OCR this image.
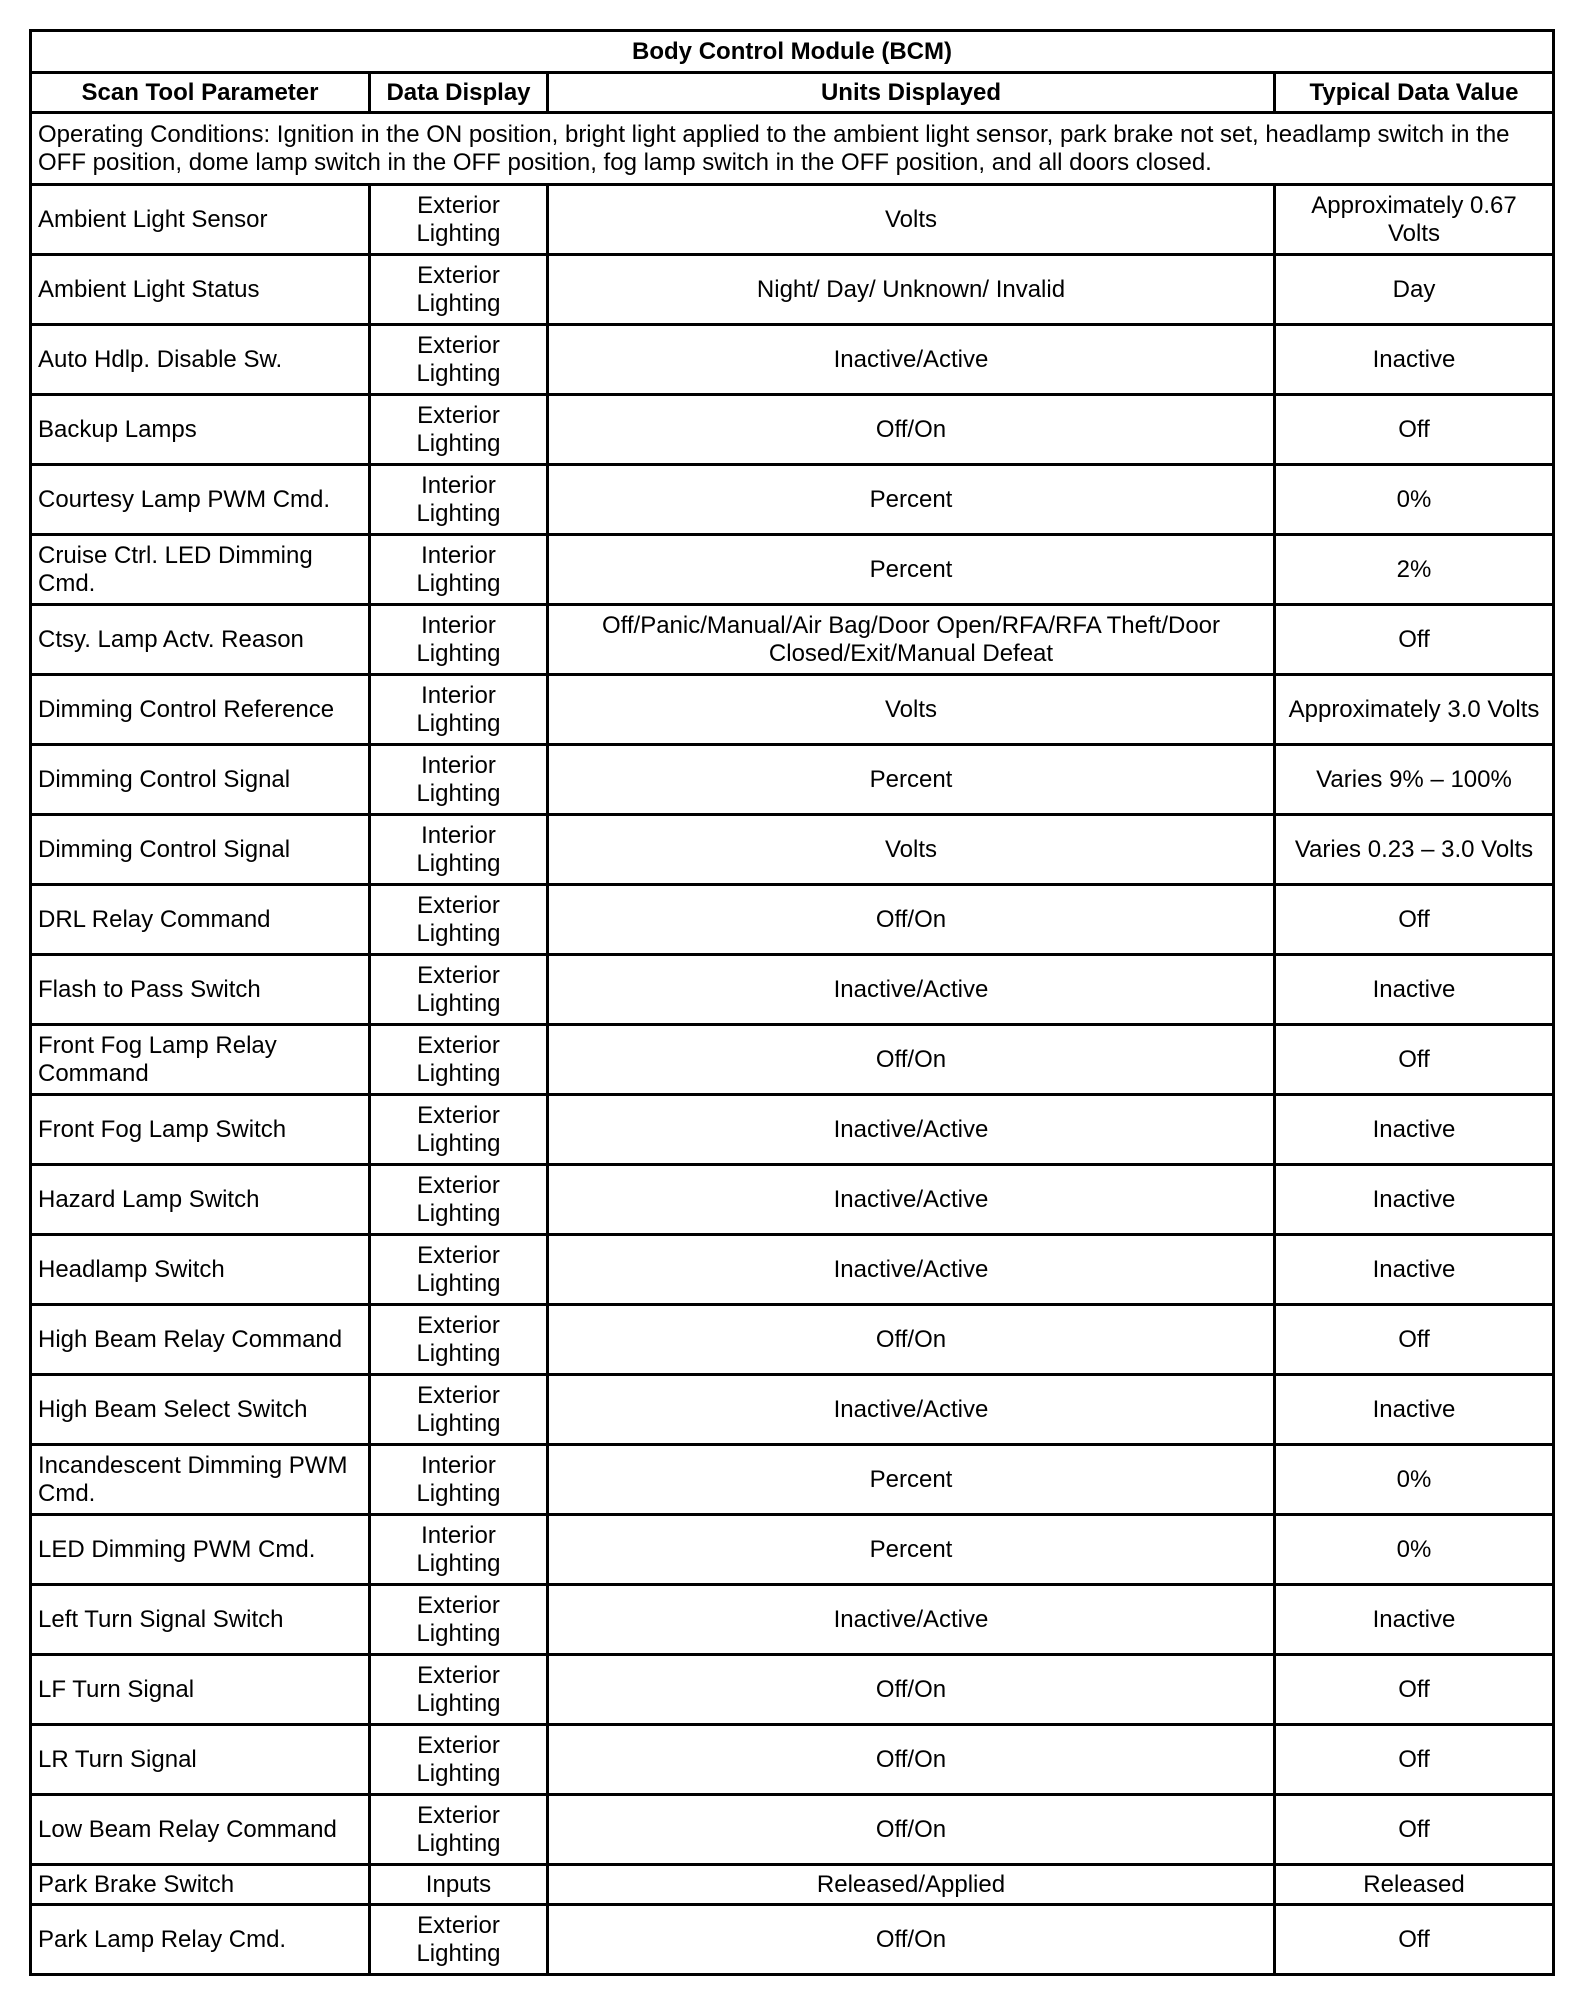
Body Control Module (BCM)			
Scan Tool Parameter	Data Display	Units Displayed	Typical Data Value
Operating Conditions: Ignition in the ON position, bright light applied to the ambient light sensor, park brake not set, headlamp switch in the OFF position, dome lamp switch in the OFF position, fog lamp switch in the OFF position, and all doors closed.			
Ambient Light Sensor	Exterior Lighting	Volts	Approximately 0.67 Volts
Ambient Light Status	Exterior Lighting	Night/ Day/ Unknown/ Invalid	Day
Auto Hdlp. Disable Sw.	Exterior Lighting	Inactive/Active	Inactive
Backup Lamps	Exterior Lighting	Off/On	Off
Courtesy Lamp PWM Cmd.	Interior Lighting	Percent	0%
Cruise Ctrl. LED Dimming Cmd.	Interior Lighting	Percent	2%
Ctsy. Lamp Actv. Reason	Interior Lighting	Off/Panic/Manual/Air Bag/Door Open/RFA/RFA Theft/Door Closed/Exit/Manual Defeat	Off
Dimming Control Reference	Interior Lighting	Volts	Approximately 3.0 Volts
Dimming Control Signal	Interior Lighting	Percent	Varies 9% – 100%
Dimming Control Signal	Interior Lighting	Volts	Varies 0.23 – 3.0 Volts
DRL Relay Command	Exterior Lighting	Off/On	Off
Flash to Pass Switch	Exterior Lighting	Inactive/Active	Inactive
Front Fog Lamp Relay Command	Exterior Lighting	Off/On	Off
Front Fog Lamp Switch	Exterior Lighting	Inactive/Active	Inactive
Hazard Lamp Switch	Exterior Lighting	Inactive/Active	Inactive
Headlamp Switch	Exterior Lighting	Inactive/Active	Inactive
High Beam Relay Command	Exterior Lighting	Off/On	Off
High Beam Select Switch	Exterior Lighting	Inactive/Active	Inactive
Incandescent Dimming PWM Cmd.	Interior Lighting	Percent	0%
LED Dimming PWM Cmd.	Interior Lighting	Percent	0%
Left Turn Signal Switch	Exterior Lighting	Inactive/Active	Inactive
LF Turn Signal	Exterior Lighting	Off/On	Off
LR Turn Signal	Exterior Lighting	Off/On	Off
Low Beam Relay Command	Exterior Lighting	Off/On	Off
Park Brake Switch	Inputs	Released/Applied	Released
Park Lamp Relay Cmd.	Exterior Lighting	Off/On	Off
